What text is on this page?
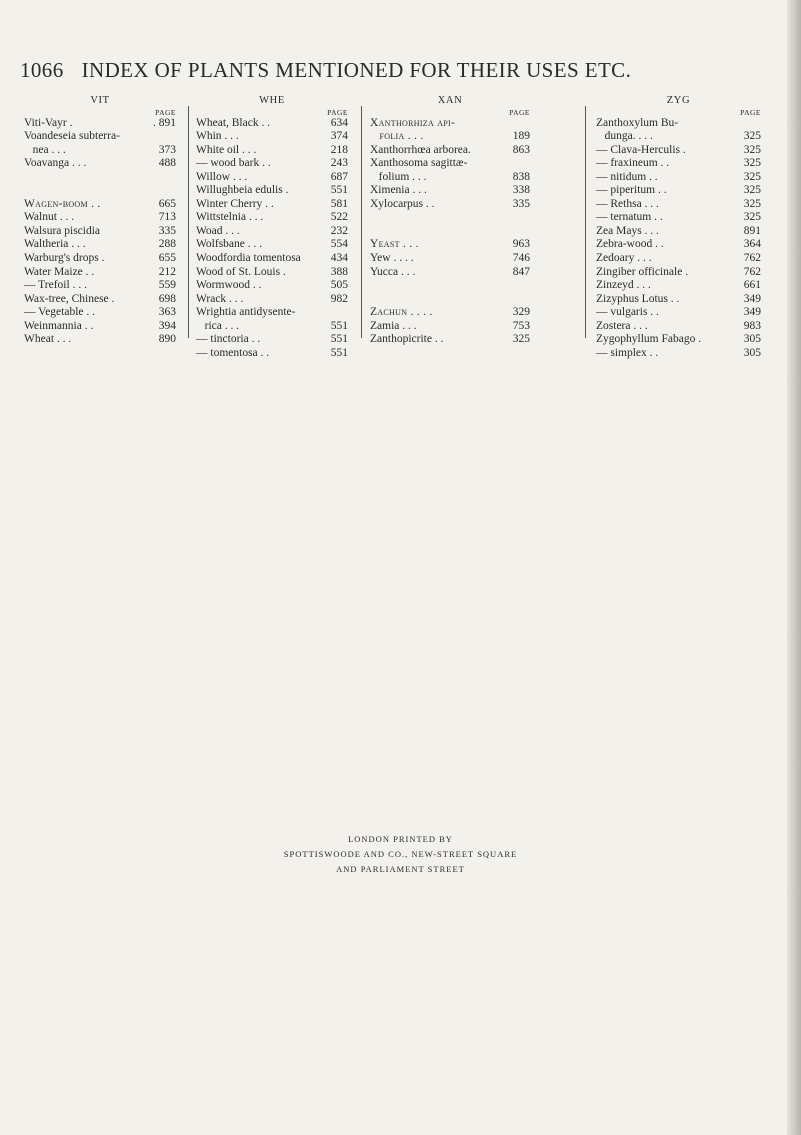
1066 INDEX OF PLANTS MENTIONED FOR THEIR USES ETC.
VIT
PAGE
Viti-Vayr .	. 891
Voandeseia subterra-
nea . . .	373
Voavanga . . .	488
Wagen-boom . .	665
Walnut . . .	713
Walsura piscidia	335
Waltheria . . .	288
Warburg's drops .	655
Water Maize . .	212
— Trefoil . . .	559
Wax-tree, Chinese .	698
— Vegetable . .	363
Weinmannia . .	394
Wheat . . .	890
WHE
PAGE
Wheat, Black . .	634
Whin . . .	374
White oil . . .	218
— wood bark . .	243
Willow . . .	687
Willughbeia edulis .	551
Winter Cherry . .	581
Wittstelnia . . .	522
Woad . . .	232
Wolfsbane . . .	554
Woodfordia tomentosa	434
Wood of St. Louis .	388
Wormwood . .	505
Wrack . . .	982
Wrightia antidysente-
rica . . .	551
— tinctoria . .	551
— tomentosa . .	551
XAN
PAGE
Xanthorhiza api-
folia . . .	189
Xanthorrhœa arborea.	863
Xanthosoma sagittæ-
folium . . .	838
Ximenia . . .	338
Xylocarpus . .	335
Yeast . . .	963
Yew . . . .	746
Yucca . . .	847
Zachun . . . .	329
Zamia . . .	753
Zanthopicrite . .	325
ZYG
PAGE
Zanthoxylum Bu-
dunga. . . .	325
— Clava-Herculis .	325
— fraxineum . .	325
— nitidum . .	325
— piperitum . .	325
— Rethsa . . .	325
— ternatum . .	325
Zea Mays . . .	891
Zebra-wood . .	364
Zedoary . . .	762
Zingiber officinale .	762
Zinzeyd . . .	661
Zizyphus Lotus . .	349
— vulgaris . .	349
Zostera . . .	983
Zygophyllum Fabago .	305
— simplex . .	305
LONDON PRINTED BY
SPOTTISWOODE AND CO., NEW-STREET SQUARE
AND PARLIAMENT STREET
